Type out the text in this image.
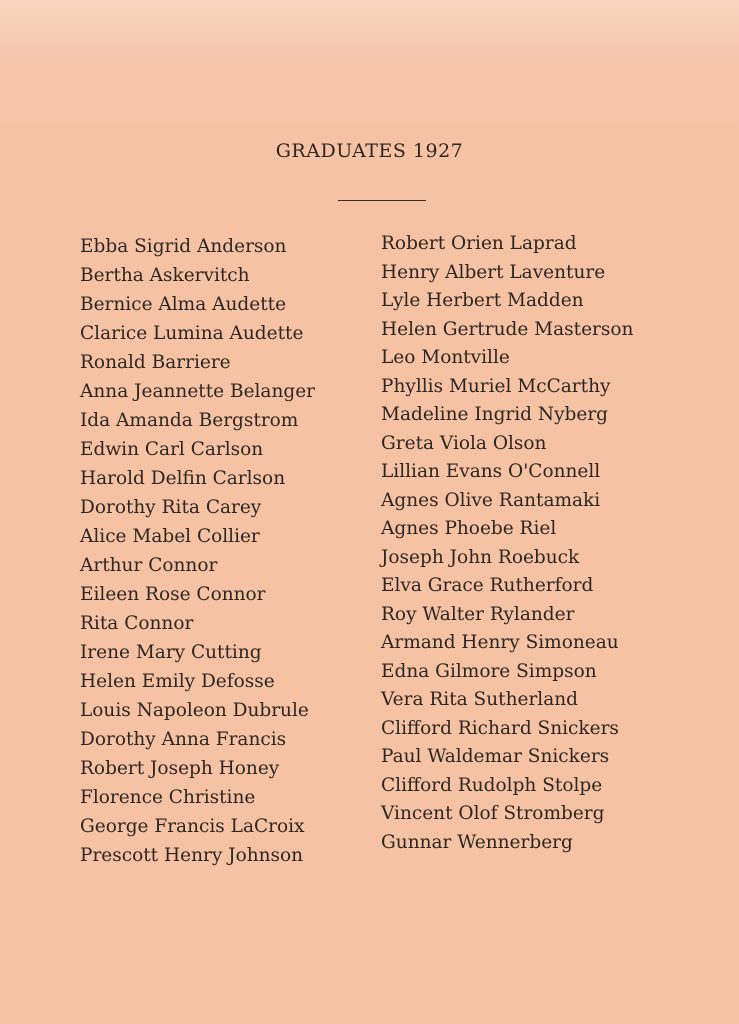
GRADUATES 1927
Ebba Sigrid Anderson
Bertha Askervitch
Bernice Alma Audette
Clarice Lumina Audette
Ronald Barriere
Anna Jeannette Belanger
Ida Amanda Bergstrom
Edwin Carl Carlson
Harold Delfin Carlson
Dorothy Rita Carey
Alice Mabel Collier
Arthur Connor
Eileen Rose Connor
Rita Connor
Irene Mary Cutting
Helen Emily Defosse
Louis Napoleon Dubrule
Dorothy Anna Francis
Robert Joseph Honey
Florence Christine
George Francis LaCroix
Prescott Henry Johnson
Robert Orien Laprad
Henry Albert Laventure
Lyle Herbert Madden
Helen Gertrude Masterson
Leo Montville
Phyllis Muriel McCarthy
Madeline Ingrid Nyberg
Greta Viola Olson
Lillian Evans O'Connell
Agnes Olive Rantamaki
Agnes Phoebe Riel
Joseph John Roebuck
Elva Grace Rutherford
Roy Walter Rylander
Armand Henry Simoneau
Edna Gilmore Simpson
Vera Rita Sutherland
Clifford Richard Snickers
Paul Waldemar Snickers
Clifford Rudolph Stolpe
Vincent Olof Stromberg
Gunnar Wennerberg
